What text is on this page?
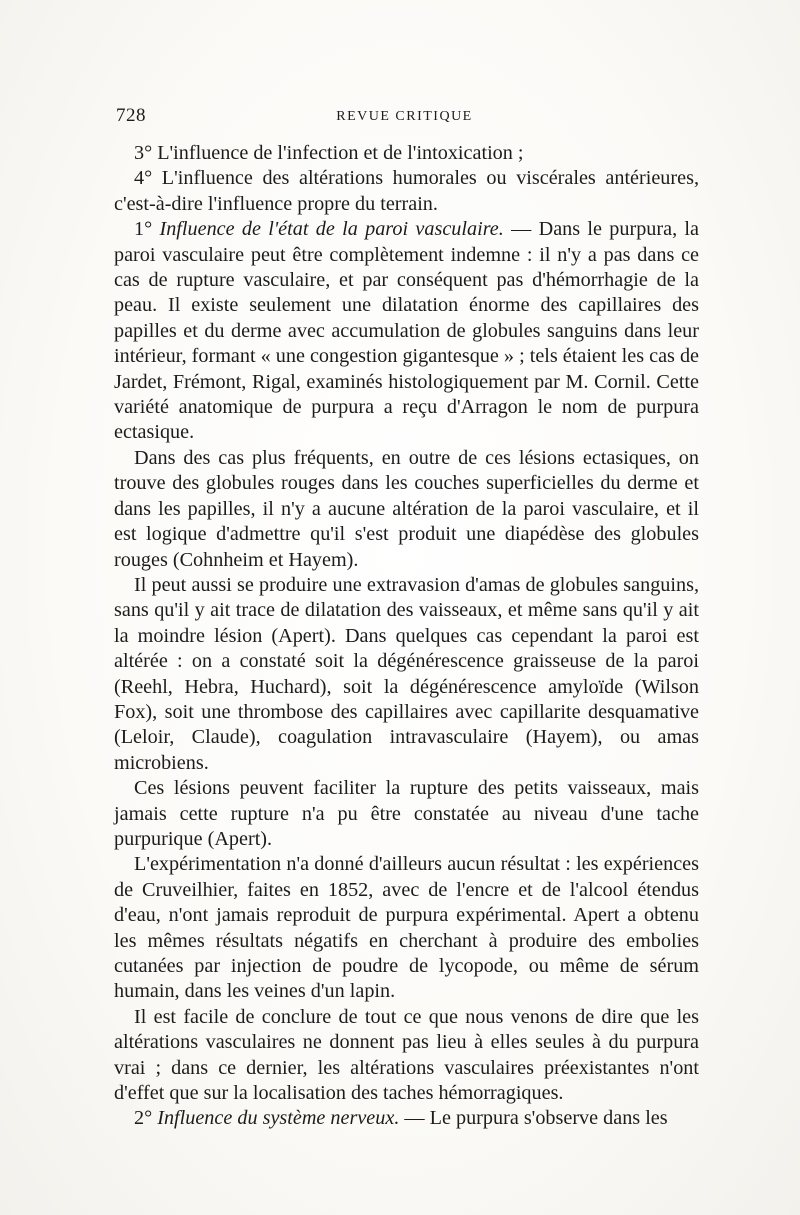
728	REVUE CRITIQUE

3° L'influence de l'infection et de l'intoxication ;

4° L'influence des altérations humorales ou viscérales antérieures, c'est-à-dire l'influence propre du terrain.

1° Influence de l'état de la paroi vasculaire. — Dans le purpura, la paroi vasculaire peut être complètement indemne : il n'y a pas dans ce cas de rupture vasculaire, et par conséquent pas d'hémorrhagie de la peau. Il existe seulement une dilatation énorme des capillaires des papilles et du derme avec accumulation de globules sanguins dans leur intérieur, formant « une congestion gigantesque » ; tels étaient les cas de Jardet, Frémont, Rigal, examinés histologiquement par M. Cornil. Cette variété anatomique de purpura a reçu d'Arragon le nom de purpura ectasique.

Dans des cas plus fréquents, en outre de ces lésions ectasiques, on trouve des globules rouges dans les couches superficielles du derme et dans les papilles, il n'y a aucune altération de la paroi vasculaire, et il est logique d'admettre qu'il s'est produit une diapédèse des globules rouges (Cohnheim et Hayem).

Il peut aussi se produire une extravasion d'amas de globules sanguins, sans qu'il y ait trace de dilatation des vaisseaux, et même sans qu'il y ait la moindre lésion (Apert). Dans quelques cas cependant la paroi est altérée : on a constaté soit la dégénérescence graisseuse de la paroi (Reehl, Hebra, Huchard), soit la dégénérescence amyloïde (Wilson Fox), soit une thrombose des capillaires avec capillarite desquamative (Leloir, Claude), coagulation intravasculaire (Hayem), ou amas microbiens.

Ces lésions peuvent faciliter la rupture des petits vaisseaux, mais jamais cette rupture n'a pu être constatée au niveau d'une tache purpurique (Apert).

L'expérimentation n'a donné d'ailleurs aucun résultat : les expériences de Cruveilhier, faites en 1852, avec de l'encre et de l'alcool étendus d'eau, n'ont jamais reproduit de purpura expérimental. Apert a obtenu les mêmes résultats négatifs en cherchant à produire des embolies cutanées par injection de poudre de lycopode, ou même de sérum humain, dans les veines d'un lapin.

Il est facile de conclure de tout ce que nous venons de dire que les altérations vasculaires ne donnent pas lieu à elles seules à du purpura vrai ; dans ce dernier, les altérations vasculaires préexistantes n'ont d'effet que sur la localisation des taches hémorragiques.

2° Influence du système nerveux. — Le purpura s'observe dans les
